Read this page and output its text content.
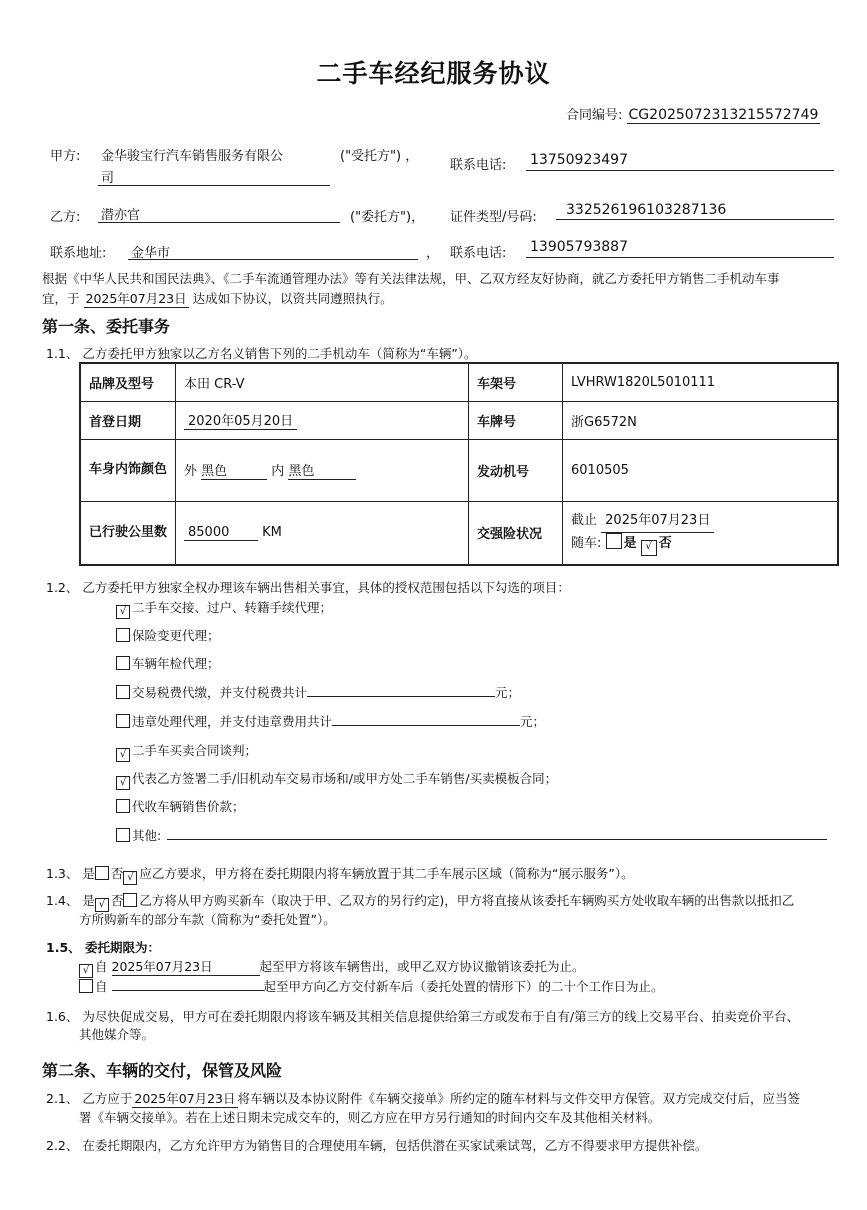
二手车经纪服务协议
合同编号: CG2025072313215572749
甲方: 金华骏宝行汽车销售服务有限公
司
("受托方") ，
联系电话: 13750923497
乙方: 潜亦官	("委托方")， 证件类型/号码: 332526196103287136
联系地址: 金华市	， 联系电话: 13905793887
根据《中华人民共和国民法典》、《二手车流通管理办法》等有关法律法规，甲、乙双方经友好协商，就乙方委托甲方销售二手机动车事
宜，于 2025年07月23日 达成如下协议，以资共同遵照执行。
第一条、委托事务
1.1、 乙方委托甲方独家以乙方名义销售下列的二手机动车（简称为“车辆”）。
品牌及型号	本田 CR-V	车架号	LVHRW1820L5010111
首登日期	2020年05月20日	车牌号	浙G6572N
车身内饰颜色	外 黑色 内 黑色	发动机号	6010505
已行驶公里数	85000 KM	交强险状况	截止 2025年07月23日
随车: 是 √ 否
1.2、 乙方委托甲方独家全权办理该车辆出售相关事宜，具体的授权范围包括以下勾选的项目：
√ 二手车交接、过户、转籍手续代理；
保险变更代理；
车辆年检代理；
交易税费代缴，并支付税费共计	元；
违章处理代理，并支付违章费用共计	元；
√ 二手车买卖合同谈判；
√ 代表乙方签署二手/旧机动车交易市场和/或甲方处二手车销售/买卖模板合同；
代收车辆销售价款；
其他:
1.3、 是 否 √ 应乙方要求，甲方将在委托期限内将车辆放置于其二手车展示区域（简称为“展示服务”）。
1.4、 是 √ 否 乙方将从甲方购买新车（取决于甲、乙双方的另行约定)，甲方将直接从该委托车辆购买方处收取车辆的出售款以抵扣乙
方所购新车的部分车款（简称为“委托处置”）。
1.5、 委托期限为：
√ 自 2025年07月23日	起至甲方将该车辆售出，或甲乙双方协议撤销该委托为止。
自	起至甲方向乙方交付新车后（委托处置的情形下）的二十个工作日为止。
1.6、 为尽快促成交易，甲方可在委托期限内将该车辆及其相关信息提供给第三方或发布于自有/第三方的线上交易平台、拍卖竞价平台、
其他媒介等。
第二条、车辆的交付，保管及风险
2.1、 乙方应于 2025年07月23日 将车辆以及本协议附件《车辆交接单》所约定的随车材料与文件交甲方保管。双方完成交付后，应当签
署《车辆交接单》。若在上述日期未完成交车的，则乙方应在甲方另行通知的时间内交车及其他相关材料。
2.2、 在委托期限内，乙方允许甲方为销售目的合理使用车辆，包括供潜在买家试乘试驾，乙方不得要求甲方提供补偿。
